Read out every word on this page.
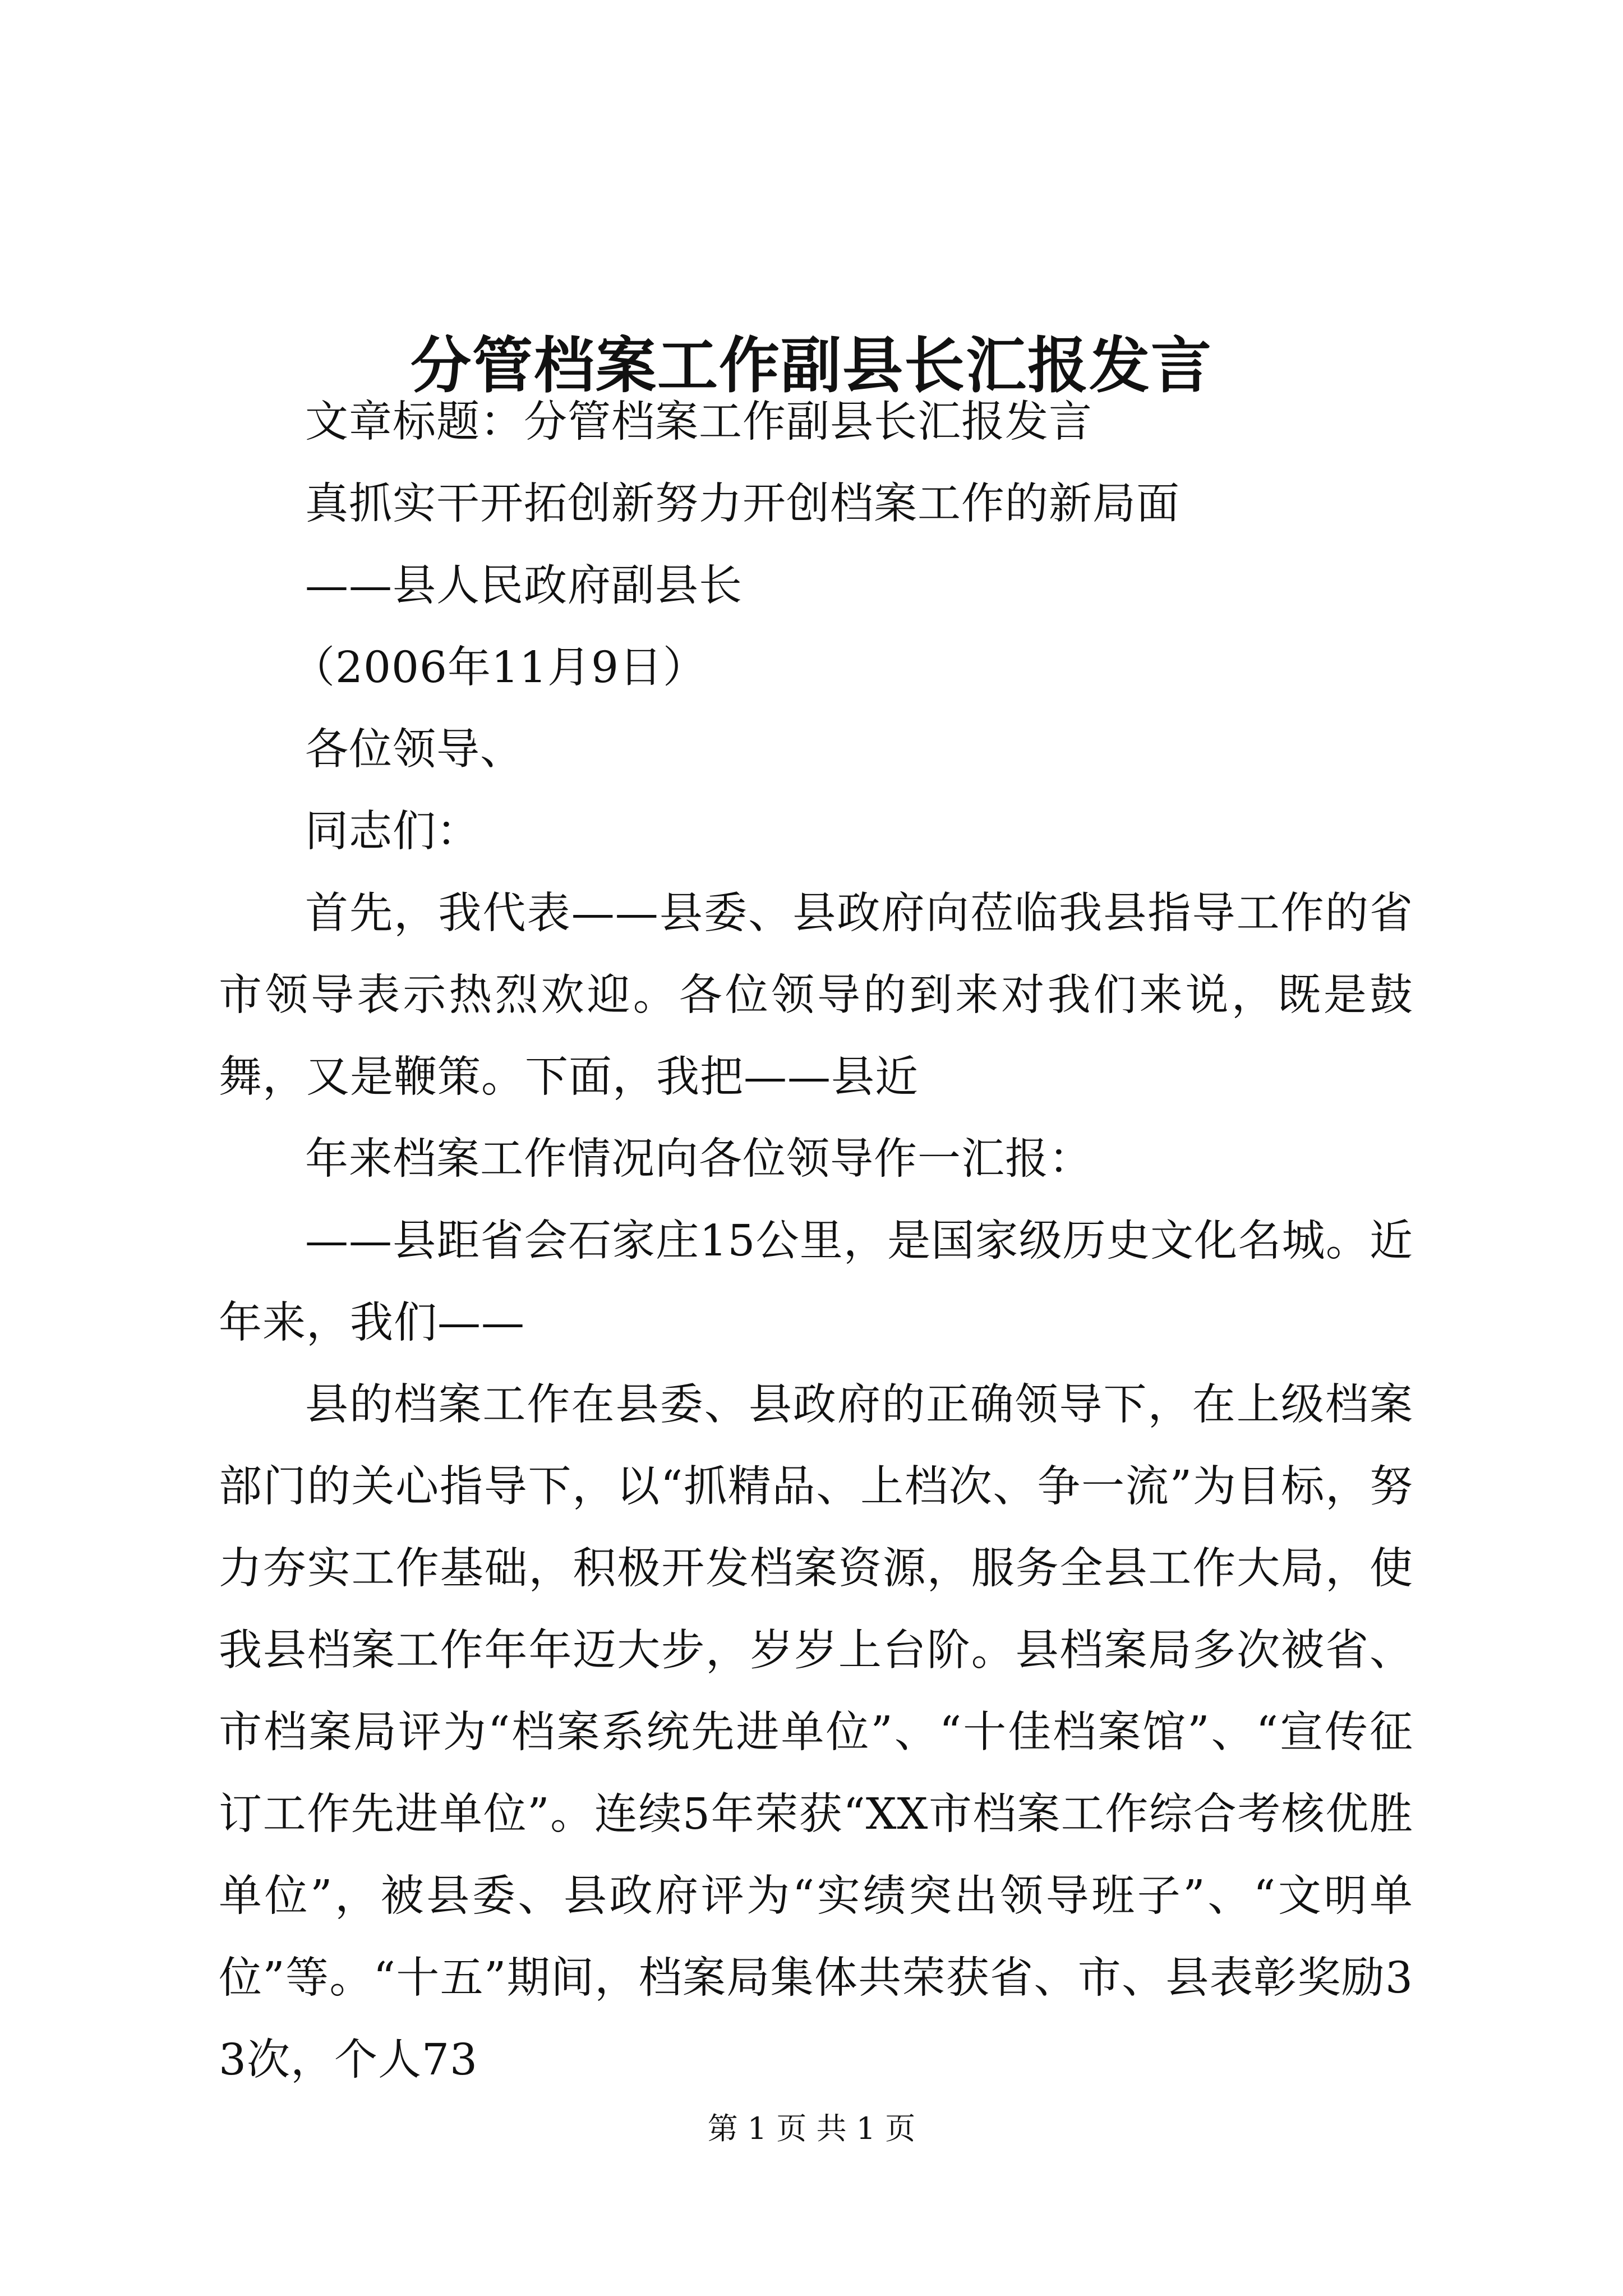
分管档案工作副县长汇报发言

文章标题：分管档案工作副县长汇报发言

真抓实干开拓创新努力开创档案工作的新局面

——县人民政府副县长

（2006年11月9日）

各位领导、

同志们：

首先，我代表——县委、县政府向莅临我县指导工作的省市领导表示热烈欢迎。各位领导的到来对我们来说，既是鼓舞，又是鞭策。下面，我把——县近

年来档案工作情况向各位领导作一汇报：

——县距省会石家庄15公里，是国家级历史文化名城。近年来，我们——

县的档案工作在县委、县政府的正确领导下，在上级档案部门的关心指导下，以“抓精品、上档次、争一流”为目标，努力夯实工作基础，积极开发档案资源，服务全县工作大局，使我县档案工作年年迈大步，岁岁上台阶。县档案局多次被省、市档案局评为“档案系统先进单位”、“十佳档案馆”、“宣传征订工作先进单位”。连续5年荣获“XX市档案工作综合考核优胜单位”，被县委、县政府评为“实绩突出领导班子”、“文明单位”等。“十五”期间，档案局集体共荣获省、市、县表彰奖励33次，个人73

第 1 页 共 1 页
